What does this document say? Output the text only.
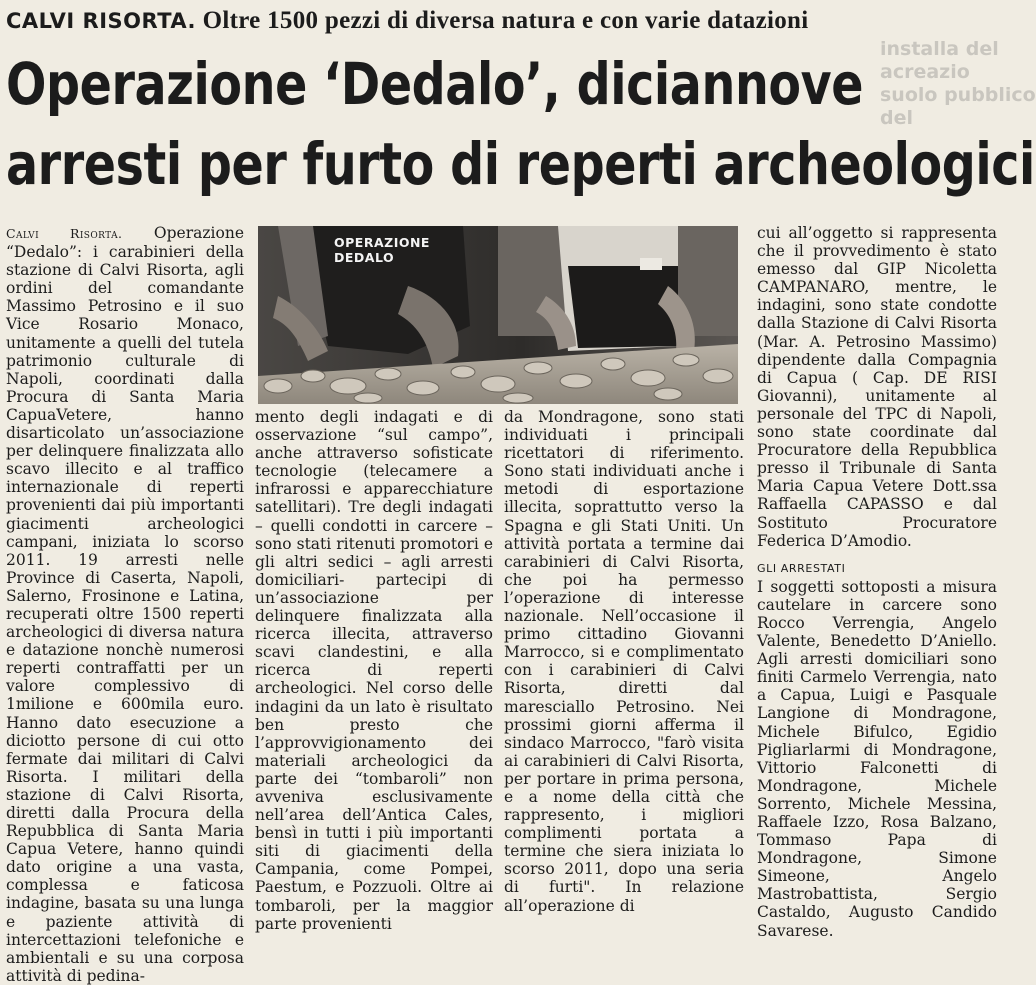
CALVI RISORTA. Oltre 1500 pezzi di diversa natura e con varie datazioni
installa del
acreazio
suolo pubblico
del
Operazione ‘Dedalo’, diciannove
arresti per furto di reperti archeologici

Calvi Risorta. Operazione “Dedalo”: i carabinieri della stazione di Calvi Risorta, agli ordini del comandante Massimo Petrosino e il suo Vice Rosario Monaco, unitamente a quelli del tutela patrimonio culturale di Napoli, coordinati dalla Procura di Santa Maria CapuaVetere, hanno disarticolato un’associazione per delinquere finalizzata allo scavo illecito e al traffico internazionale di reperti provenienti dai più importanti giacimenti archeologici campani, iniziata lo scorso 2011. 19 arresti nelle Province di Caserta, Napoli, Salerno, Frosinone e Latina, recuperati oltre 1500 reperti archeologici di diversa natura e datazione nonchè numerosi reperti contraffatti per un valore complessivo di 1milione e 600mila euro. Hanno dato esecuzione a diciotto persone di cui otto fermate dai militari di Calvi Risorta. I militari della stazione di Calvi Risorta, diretti dalla Procura della Repubblica di Santa Maria Capua Vetere, hanno quindi dato origine a una vasta, complessa e faticosa indagine, basata su una lunga e paziente attività di intercettazioni telefoniche e ambientali e su una corposa attività di pedina-

OPERAZIONE
DEDALO

mento degli indagati e di osservazione “sul campo”, anche attraverso sofisticate tecnologie (telecamere a infrarossi e apparecchiature satellitari). Tre degli indagati – quelli condotti in carcere – sono stati ritenuti promotori e gli altri sedici – agli arresti domiciliari- partecipi di un’associazione per delinquere finalizzata alla ricerca illecita, attraverso scavi clandestini, e alla ricerca di reperti archeologici. Nel corso delle indagini da un lato è risultato ben presto che l’approvvigionamento dei materiali archeologici da parte dei “tombaroli” non avveniva esclusivamente nell’area dell’Antica Cales, bensì in tutti i più importanti siti di giacimenti della Campania, come Pompei, Paestum, e Pozzuoli. Oltre ai tombaroli, per la maggior parte provenienti

da Mondragone, sono stati individuati i principali ricettatori di riferimento. Sono stati individuati anche i metodi di esportazione illecita, soprattutto verso la Spagna e gli Stati Uniti. Un attività portata a termine dai carabinieri di Calvi Risorta, che poi ha permesso l’operazione di interesse nazionale. Nell’occasione il primo cittadino Giovanni Marrocco, si e complimentato con i carabinieri di Calvi Risorta, diretti dal maresciallo Petrosino. Nei prossimi giorni afferma il sindaco Marrocco, "farò visita ai carabinieri di Calvi Risorta, per portare in prima persona, e a nome della città che rappresento, i migliori complimenti portata a termine che siera iniziata lo scorso 2011, dopo una seria di furti". In relazione all’operazione di

cui all’oggetto si rappresenta che il provvedimento è stato emesso dal GIP Nicoletta CAMPANARO, mentre, le indagini, sono state condotte dalla Stazione di Calvi Risorta (Mar. A. Petrosino Massimo) dipendente dalla Compagnia di Capua ( Cap. DE RISI Giovanni), unitamente al personale del TPC di Napoli, sono state coordinate dal Procuratore della Repubblica presso il Tribunale di Santa Maria Capua Vetere Dott.ssa Raffaella CAPASSO e dal Sostituto Procuratore Federica D’Amodio.

GLI ARRESTATI

I soggetti sottoposti a misura cautelare in carcere sono Rocco Verrengia, Angelo Valente, Benedetto D’Aniello. Agli arresti domiciliari sono finiti Carmelo Verrengia, nato a Capua, Luigi e Pasquale Langione di Mondragone, Michele Bifulco, Egidio Pigliarlarmi di Mondragone, Vittorio Falconetti di Mondragone, Michele Sorrento, Michele Messina, Raffaele Izzo, Rosa Balzano, Tommaso Papa di Mondragone, Simone Simeone, Angelo Mastrobattista, Sergio Castaldo, Augusto Candido Savarese.
